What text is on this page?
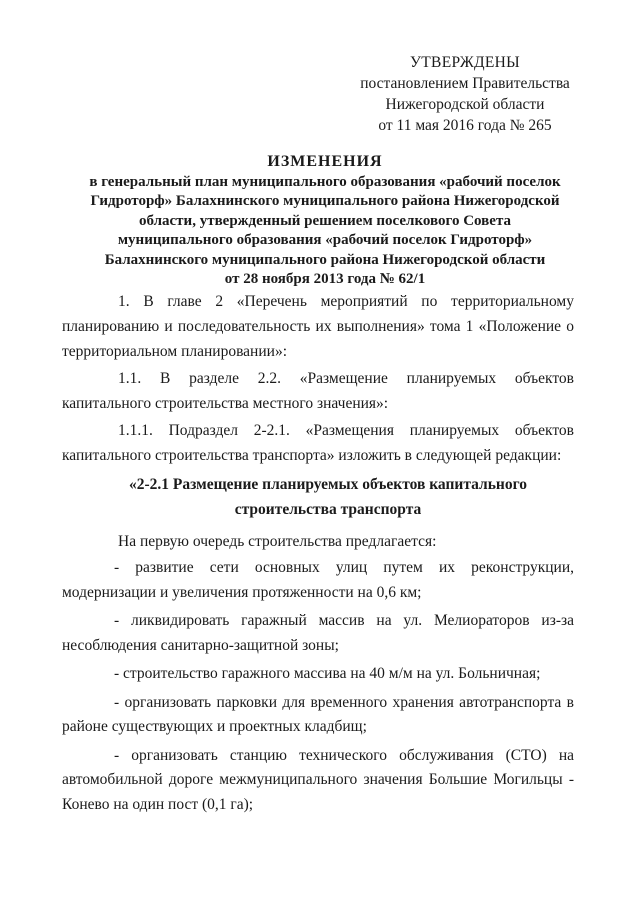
УТВЕРЖДЕНЫ
постановлением Правительства
Нижегородской области
от 11 мая 2016 года № 265
ИЗМЕНЕНИЯ
в генеральный план муниципального образования «рабочий поселок
Гидроторф» Балахнинского муниципального района Нижегородской
области, утвержденный решением поселкового Совета
муниципального образования «рабочий поселок Гидроторф»
Балахнинского муниципального района Нижегородской области
от 28 ноября 2013 года № 62/1

1. В главе 2 «Перечень мероприятий по территориальному планированию и последовательность их выполнения» тома 1 «Положение о территориальном планировании»:

1.1. В разделе 2.2. «Размещение планируемых объектов капитального строительства местного значения»:

1.1.1. Подраздел 2-2.1. «Размещения планируемых объектов капитального строительства транспорта» изложить в следующей редакции:

«2-2.1 Размещение планируемых объектов капитального
строительства транспорта

На первую очередь строительства предлагается:

- развитие сети основных улиц путем их реконструкции, модернизации и увеличения протяженности на 0,6 км;

- ликвидировать гаражный массив на ул. Мелиораторов из-за несоблюдения санитарно-защитной зоны;

- строительство гаражного массива на 40 м/м на ул. Больничная;

- организовать парковки для временного хранения автотранспорта в районе существующих и проектных кладбищ;

- организовать станцию технического обслуживания (СТО) на автомобильной дороге межмуниципального значения Большие Могильцы - Конево на один пост (0,1 га);
